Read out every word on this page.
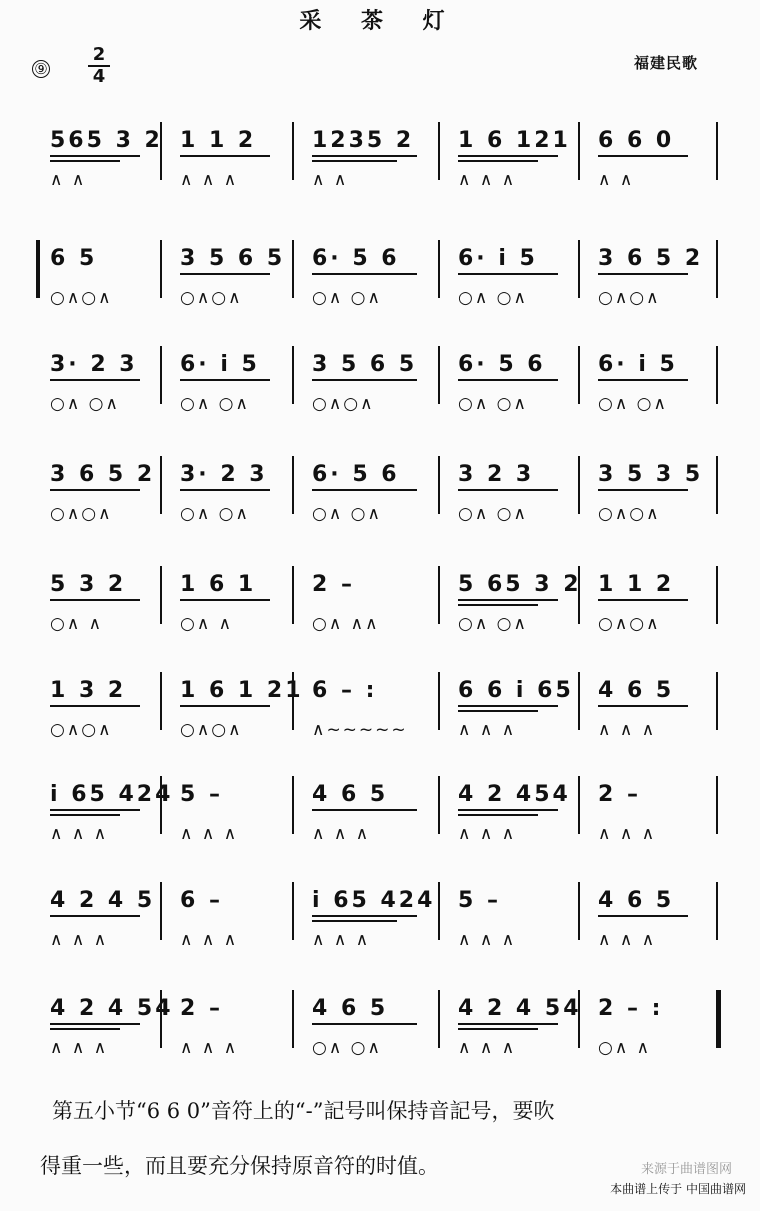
采 茶 灯
⑨
2
4
福建民歌
565 3 2
∧ ∧
1 1 2
∧ ∧ ∧
1235 2
∧ ∧
1 6 121
∧ ∧ ∧
6 6 0
∧ ∧
6 5
○∧○∧
3 5 6 5
○∧○∧
6· 5 6
○∧ ○∧
6· i 5
○∧ ○∧
3 6 5 2
○∧○∧
3· 2 3
○∧ ○∧
6· i 5
○∧ ○∧
3 5 6 5
○∧○∧
6· 5 6
○∧ ○∧
6· i 5
○∧ ○∧
3 6 5 2
○∧○∧
3· 2 3
○∧ ○∧
6· 5 6
○∧ ○∧
3 2 3
○∧ ○∧
3 5 3 5
○∧○∧
5 3 2
○∧ ∧
1 6 1
○∧ ∧
2 –
○∧ ∧∧
5 65 3 2
○∧ ○∧
1 1 2
○∧○∧
1 3 2
○∧○∧
1 6 1 21
○∧○∧
6 – :
∧~~~~~
6 6 i 65
∧ ∧ ∧
4 6 5
∧ ∧ ∧
i 65 424
∧ ∧ ∧
5 –
∧ ∧ ∧
4 6 5
∧ ∧ ∧
4 2 454
∧ ∧ ∧
2 –
∧ ∧ ∧
4 2 4 5
∧ ∧ ∧
6 –
∧ ∧ ∧
i 65 424
∧ ∧ ∧
5 –
∧ ∧ ∧
4 6 5
∧ ∧ ∧
4 2 4 54
∧ ∧ ∧
2 –
∧ ∧ ∧
4 6 5
○∧ ○∧
4 2 4 54
∧ ∧ ∧
2 – :
○∧ ∧
第五小节“6 6 0”音符上的“-”記号叫保持音記号，要吹
得重一些，而且要充分保持原音符的时值。	来源于曲谱图网
本曲谱上传于 中国曲谱网
